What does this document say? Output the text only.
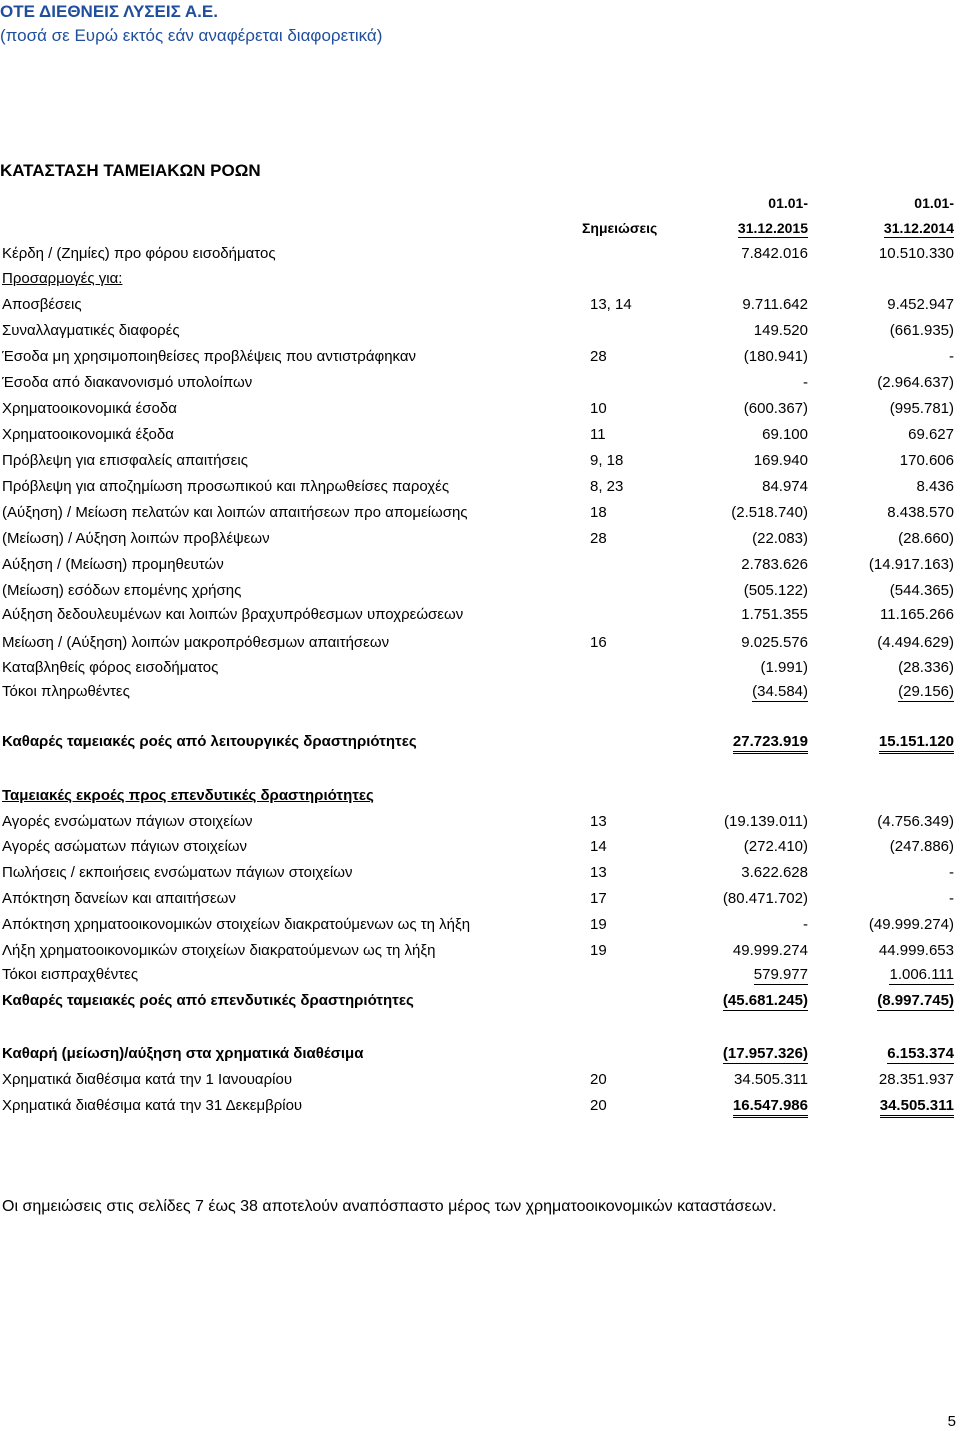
ΟΤΕ ΔΙΕΘΝΕΙΣ ΛΥΣΕΙΣ Α.Ε.
(ποσά σε Ευρώ εκτός εάν αναφέρεται διαφορετικά)
ΚΑΤΑΣΤΑΣΗ ΤΑΜΕΙΑΚΩΝ ΡΟΩΝ
01.01-	01.01-
Σημειώσεις	31.12.2015	31.12.2014
Κέρδη / (Ζημίες) προ φόρου εισοδήματος	7.842.016	10.510.330
Προσαρμογές για:
Αποσβέσεις	13, 14	9.711.642	9.452.947
Συναλλαγματικές διαφορές	149.520	(661.935)
Έσοδα μη χρησιμοποιηθείσες προβλέψεις που αντιστράφηκαν	28	(180.941)	-
Έσοδα από διακανονισμό υπολοίπων	-	(2.964.637)
Χρηματοοικονομικά έσοδα	10	(600.367)	(995.781)
Χρηματοοικονομικά έξοδα	11	69.100	69.627
Πρόβλεψη για επισφαλείς απαιτήσεις	9, 18	169.940	170.606
Πρόβλεψη για αποζημίωση προσωπικού και πληρωθείσες παροχές	8, 23	84.974	8.436
(Αύξηση) / Μείωση πελατών και λοιπών απαιτήσεων προ απομείωσης	18	(2.518.740)	8.438.570
(Μείωση) / Αύξηση λοιπών προβλέψεων	28	(22.083)	(28.660)
Αύξηση / (Μείωση) προμηθευτών	2.783.626	(14.917.163)
(Μείωση) εσόδων επομένης χρήσης	(505.122)	(544.365)
Αύξηση δεδουλευμένων και λοιπών βραχυπρόθεσμων υποχρεώσεων	1.751.355	11.165.266
Μείωση / (Αύξηση) λοιπών μακροπρόθεσμων απαιτήσεων	16	9.025.576	(4.494.629)
Καταβληθείς φόρος εισοδήματος	(1.991)	(28.336)
Τόκοι πληρωθέντες	(34.584)	(29.156)
Καθαρές ταμειακές ροές από λειτουργικές δραστηριότητες	27.723.919	15.151.120
Ταμειακές εκροές προς επενδυτικές δραστηριότητες
Αγορές ενσώματων πάγιων στοιχείων	13	(19.139.011)	(4.756.349)
Αγορές ασώματων πάγιων στοιχείων	14	(272.410)	(247.886)
Πωλήσεις / εκποιήσεις ενσώματων πάγιων στοιχείων	13	3.622.628	-
Απόκτηση δανείων και απαιτήσεων	17	(80.471.702)	-
Απόκτηση χρηματοοικονομικών στοιχείων διακρατούμενων ως τη λήξη	19	-	(49.999.274)
Λήξη χρηματοοικονομικών στοιχείων διακρατούμενων ως τη λήξη	19	49.999.274	44.999.653
Τόκοι εισπραχθέντες	579.977	1.006.111
Καθαρές ταμειακές ροές από επενδυτικές δραστηριότητες	(45.681.245)	(8.997.745)
Καθαρή (μείωση)/αύξηση στα χρηματικά διαθέσιμα	(17.957.326)	6.153.374
Χρηματικά διαθέσιμα κατά την 1 Ιανουαρίου	20	34.505.311	28.351.937
Χρηματικά διαθέσιμα κατά την 31 Δεκεμβρίου	20	16.547.986	34.505.311
Οι σημειώσεις στις σελίδες 7 έως 38 αποτελούν αναπόσπαστο μέρος των χρηματοοικονομικών καταστάσεων.
5
